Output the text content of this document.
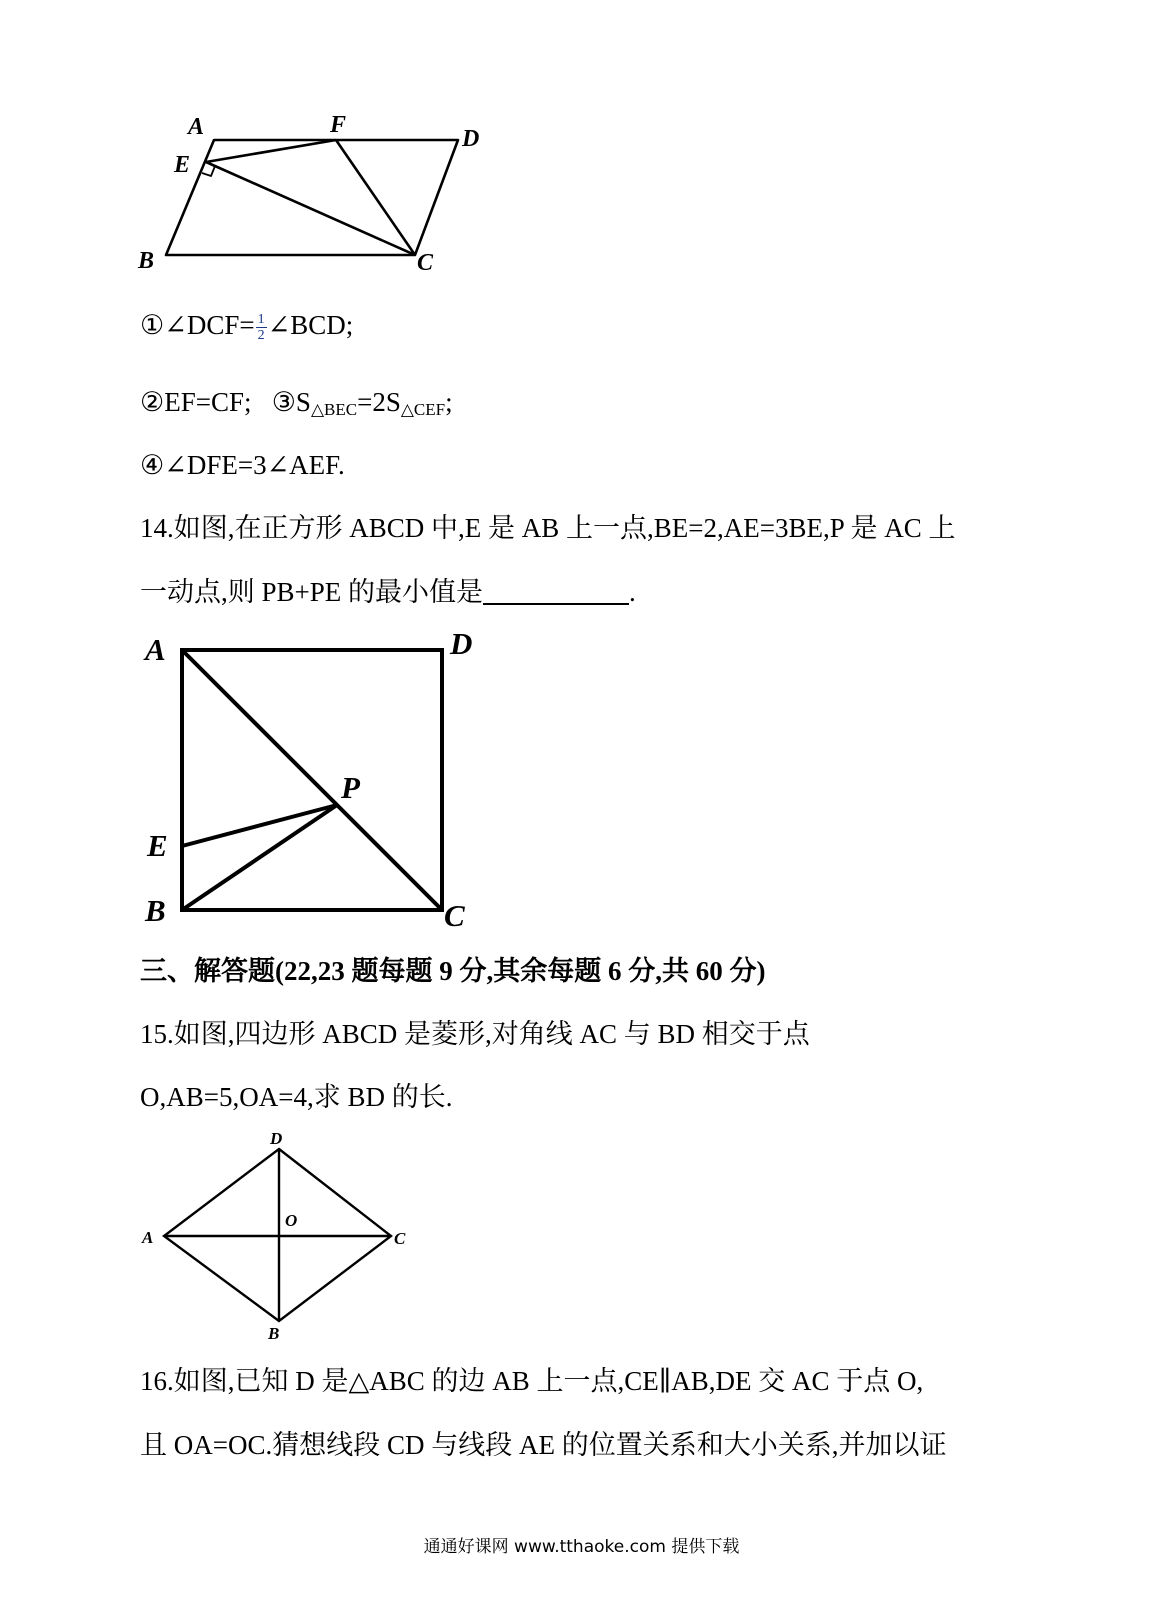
A	F
D
E
B	C
①∠DCF= $\frac{1}{2}$ ∠BCD;
②EF=CF; $③S_{\triangle BEC}=2S_{\triangle CEF}$;
④∠DFE=3∠AEF.
14.如图,在正方形 ABCD 中,E 是 AB 上一点,BE=2,AE=3BE,P 是 AC 上
一动点,则 PB+PE 的最小值是	.
A	D
P
E
B	C
三、解答题(22,23 题每题 9 分,其余每题 6 分,共 60 分)
15.如图,四边形 ABCD 是菱形,对角线 AC 与 BD 相交于点
O,AB=5,OA=4,求 BD 的长.
D
A
O
C
B
16.如图,已知 D 是△ABC 的边 AB 上一点,CE∥AB,DE 交 AC 于点 O,
且 OA=OC.猜想线段 CD 与线段 AE 的位置关系和大小关系,并加以证
通通好课网 www.tthaoke.com 提供下载
